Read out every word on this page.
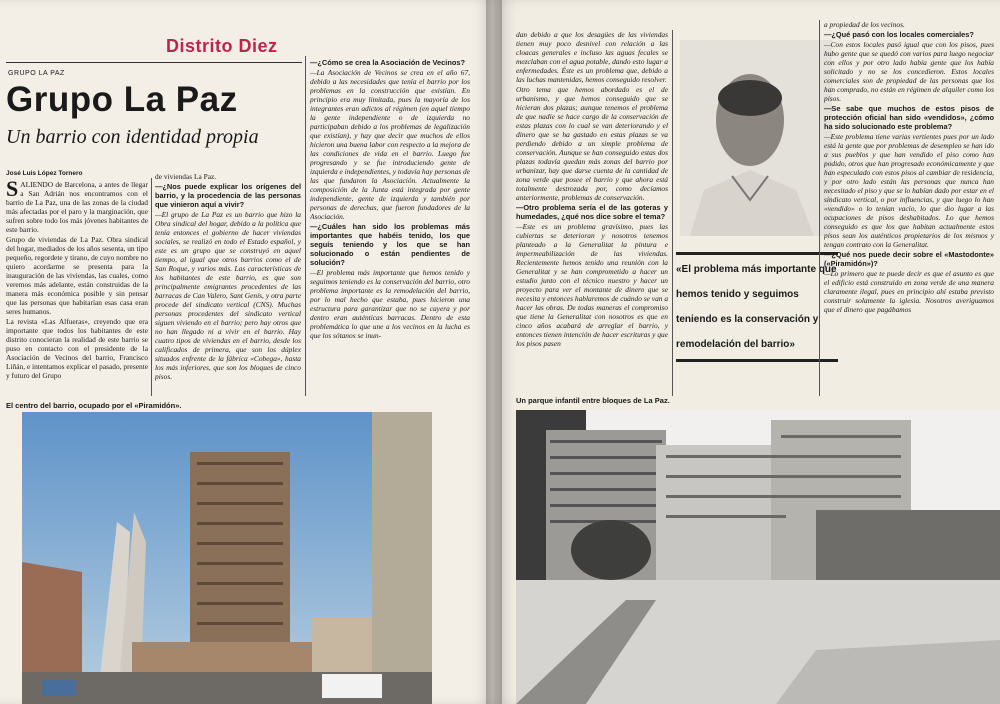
Distrito Diez
GRUPO LA PAZ
Grupo La Paz
Un barrio con identidad propia
José Luis López Tornero

SALIENDO de Barcelona, a antes de llegar a San Adrián nos encontramos con el barrio de La Paz, una de las zonas de la ciudad más afectadas por el paro y la marginación, que sufren sobre todo los más jóvenes habitantes de este barrio.

Grupo de viviendas de La Paz. Obra sindical del hogar, mediados de los años sesenta, un tipo pequeño, regordete y tirano, de cuyo nombre no quiero acordarme se presenta para la inauguración de las viviendas, las cuales, como veremos más adelante, están construidas de la manera más económica posible y sin pensar que las personas que habitarían esas casa eran seres humanos.

La revista «Las Alfueras», creyendo que era importante que todos los habitantes de este distrito conocieran la realidad de este barrio se puso en contacto con el presidente de la Asociación de Vecinos del barrio, Francisco Liñán, e intentamos explicar el pasado, presente y futuro del Grupo

de viviendas La Paz.

—¿Nos puede explicar los orígenes del barrio, y la procedencia de las personas que vinieron aquí a vivir?

—El grupo de La Paz es un barrio que hizo la Obra sindical del hogar, debido a la política que tenía entonces el gobierno de hacer viviendas sociales, se realizó en todo el Estado español, y este es un grupo que se construyó en aquel tiempo, al igual que otros barrios como el de San Roque, y varios más. Las características de los habitantes de este barrio, es que son principalmente emigrantes procedentes de las barracas de Can Valero, Sant Genís, y otra parte procede del sindicato vertical (CNS). Muchas personas procedentes del sindicato vertical siguen viviendo en el barrio; pero hay otros que no han llegado ni a vivir en el barrio. Hay cuatro tipos de viviendas en el barrio, desde los calificados de primera, que son los dúplex situados enfrente de la fábrica «Cobega», hasta los más inferiores, que son los bloques de cinco pisos.

—¿Cómo se crea la Asociación de Vecinos?

—La Asociación de Vecinos se crea en el año 67, debido a las necesidades que tenía el barrio por los problemas en la construcción que existían. En principio era muy limitada, pues la mayoría de los integrantes eran adictos al régimen (en aquel tiempo la gente independiente o de izquierda no participaban debido a los problemas de legalización que existían), y hay que decir que muchos de ellos hicieron una buena labor con respecto a la mejora de las condiciones de vida en el barrio. Luego fue progresando y se fue introduciendo gente de izquierda e independientes, y todavía hay personas de las que fundaron la Asociación. Actualmente la composición de la Junta está integrada por gente independiente, gente de izquierda y también por personas de derechas, que fueron fundadores de la Asociación.

—¿Cuáles han sido los problemas más importantes que habéis tenido, los que seguís teniendo y los que se han solucionado o están pendientes de solución?

—El problema más importante que hemos tenido y seguimos teniendo es la conservación del barrio, otro problema importante es la remodelación del barrio, por lo mal hecho que estaba, pues hicieron una estructura para garantizar que no se cayera y por dentro eran auténticas barracas. Dentro de esta problemática lo que une a los vecinos en la lucha es que los sótanos se inun-

El centro del barrio, ocupado por el «Piramidón».

dan debido a que los desagües de las viviendas tienen muy poco desnivel con relación a las cloacas generales e incluso las aguas fecales se mezclaban con el agua potable, dando esto lugar a enfermedades. Éste es un problema que, debido a las luchas mantenidas, hemos conseguido resolver.

Otro tema que hemos abordado es el de urbanismo, y que hemos conseguido que se hicieran dos plazas; aunque tenemos el problema de que nadie se hace cargo de la conservación de estas plazas con lo cual se van deteriorando y el dinero que se ha gastado en estas plazas se va perdiendo debido a un simple problema de conservación. Aunque se han conseguido estas dos plazas todavía quedan más zonas del barrio por urbanizar, hay que darse cuenta de la cantidad de zona verde que posee el barrio y que ahora está totalmente destrozada por, como decíamos anteriormente, problemas de conservación.

—Otro problema sería el de las goteras y humedades, ¿qué nos dice sobre el tema?

—Este es un problema gravísimo, pues las cubiertas se deterioran y nosotros tenemos planteado a la Generalitat la pintura e impermeabilización de las viviendas. Recientemente hemos tenido una reunión con la Generalitat y se han comprometido a hacer un estudio junto con el técnico nuestro y hacer un proyecto para ver el montante de dinero que se necesita y entonces hablaremos de cuándo se van a hacer las obras. De todas maneras el compromiso que tiene la Generalitat con nosotros es que en cinco años acabará de arreglar el barrio, y entonces tienen intención de hacer escrituras y que los pisos pasen

«El problema más importante que hemos tenido y seguimos teniendo es la conservación y remodelación del barrio»

a propiedad de los vecinos.

—¿Qué pasó con los locales comerciales?

—Con estos locales pasó igual que con los pisos, pues hubo gente que se quedó con varios para luego negociar con ellos y por otro lado había gente que los había solicitado y no se los concedieron. Estos locales comerciales son de propiedad de las personas que los han comprado, no están en régimen de alquiler como los pisos.

—Se sabe que muchos de estos pisos de protección oficial han sido «vendidos», ¿cómo ha sido solucionado este problema?

—Este problema tiene varias vertientes pues por un lado está la gente que por problemas de desempleo se han ido a sus pueblos y que han vendido el piso como han podido, otros que han progresado económicamente y que han especulado con estos pisos al cambiar de residencia, y por otro lado están las personas que nunca han necesitado el piso y que se lo habían dado por estar en el sindicato vertical, o por influencias, y que luego lo han «vendido» o lo tenían vacío, lo que dio lugar a las ocupaciones de pisos deshabitados. Lo que hemos conseguido es que los que habitan actualmente estos pisos sean los auténticos propietarios de los mismos y tengan contrato con la Generalitat.

—¿Qué nos puede decir sobre el «Mastodonte» («Piramidón»)?

—Lo primero que te puede decir es que el asunto es que el edificio está construido en zona verde de una manera claramente ilegal, pues en principio ahí estaba previsto construir solamente la iglesia. Nosotros averiguamos que el dinero que pagábamos

Un parque infantil entre bloques de La Paz.
